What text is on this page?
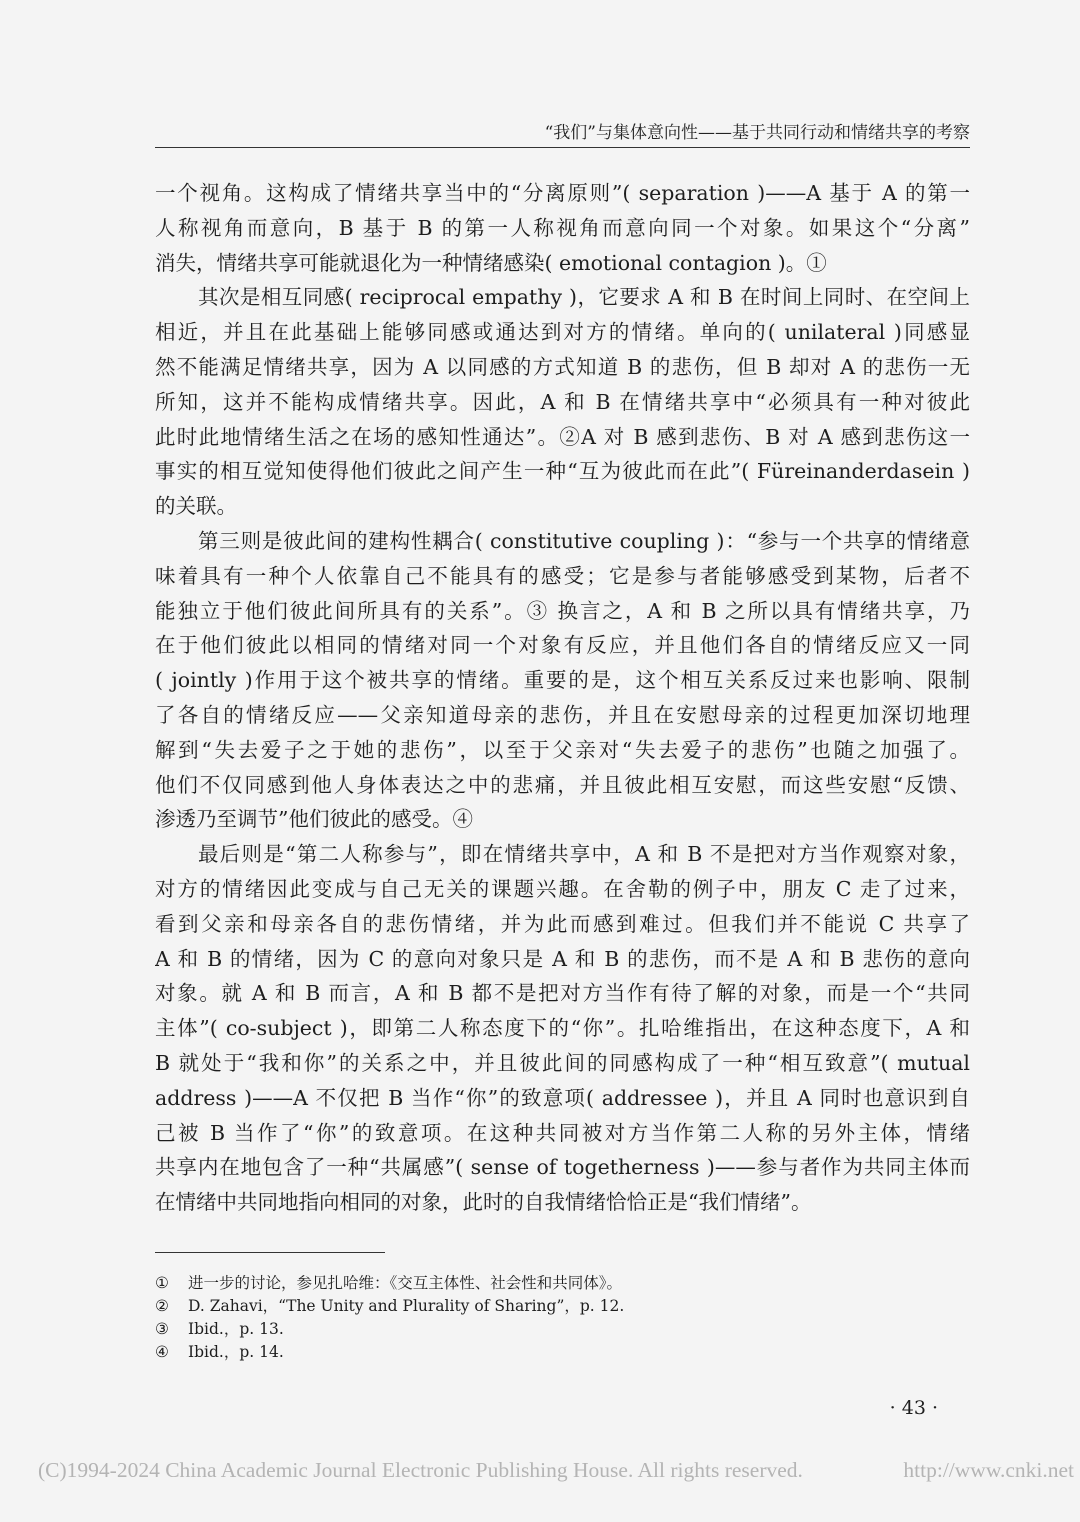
“我们”与集体意向性——基于共同行动和情绪共享的考察
一个视角。这构成了情绪共享当中的“分离原则”( separation )——A 基于 A 的第一
人称视角而意向，B 基于 B 的第一人称视角而意向同一个对象。如果这个“分离”
消失，情绪共享可能就退化为一种情绪感染( emotional contagion )。①
其次是相互同感( reciprocal empathy )，它要求 A 和 B 在时间上同时、在空间上
相近，并且在此基础上能够同感或通达到对方的情绪。单向的( unilateral )同感显
然不能满足情绪共享，因为 A 以同感的方式知道 B 的悲伤，但 B 却对 A 的悲伤一无
所知，这并不能构成情绪共享。因此，A 和 B 在情绪共享中“必须具有一种对彼此
此时此地情绪生活之在场的感知性通达”。②A 对 B 感到悲伤、B 对 A 感到悲伤这一
事实的相互觉知使得他们彼此之间产生一种“互为彼此而在此”( Füreinanderdasein )
的关联。
第三则是彼此间的建构性耦合( constitutive coupling )：“参与一个共享的情绪意
味着具有一种个人依靠自己不能具有的感受；它是参与者能够感受到某物，后者不
能独立于他们彼此间所具有的关系”。③ 换言之，A 和 B 之所以具有情绪共享，乃
在于他们彼此以相同的情绪对同一个对象有反应，并且他们各自的情绪反应又一同
( jointly )作用于这个被共享的情绪。重要的是，这个相互关系反过来也影响、限制
了各自的情绪反应——父亲知道母亲的悲伤，并且在安慰母亲的过程更加深切地理
解到“失去爱子之于她的悲伤”，以至于父亲对“失去爱子的悲伤”也随之加强了。
他们不仅同感到他人身体表达之中的悲痛，并且彼此相互安慰，而这些安慰“反馈、
渗透乃至调节”他们彼此的感受。④
最后则是“第二人称参与”，即在情绪共享中，A 和 B 不是把对方当作观察对象，
对方的情绪因此变成与自己无关的课题兴趣。在舍勒的例子中，朋友 C 走了过来，
看到父亲和母亲各自的悲伤情绪，并为此而感到难过。但我们并不能说 C 共享了
A 和 B 的情绪，因为 C 的意向对象只是 A 和 B 的悲伤，而不是 A 和 B 悲伤的意向
对象。就 A 和 B 而言，A 和 B 都不是把对方当作有待了解的对象，而是一个“共同
主体”( co-subject )，即第二人称态度下的“你”。扎哈维指出，在这种态度下，A 和
B 就处于“我和你”的关系之中，并且彼此间的同感构成了一种“相互致意”( mutual
address )——A 不仅把 B 当作“你”的致意项( addressee )，并且 A 同时也意识到自
己被 B 当作了“你”的致意项。在这种共同被对方当作第二人称的另外主体，情绪
共享内在地包含了一种“共属感”( sense of togetherness )——参与者作为共同主体而
在情绪中共同地指向相同的对象，此时的自我情绪恰恰正是“我们情绪”。
①	进一步的讨论，参见扎哈维：《交互主体性、社会性和共同体》。
②	D. Zahavi，“The Unity and Plurality of Sharing”，p. 12.
③	Ibid.，p. 13.
④	Ibid.，p. 14.
· 43 ·
(C)1994-2024 China Academic Journal Electronic Publishing House. All rights reserved.	http://www.cnki.net
